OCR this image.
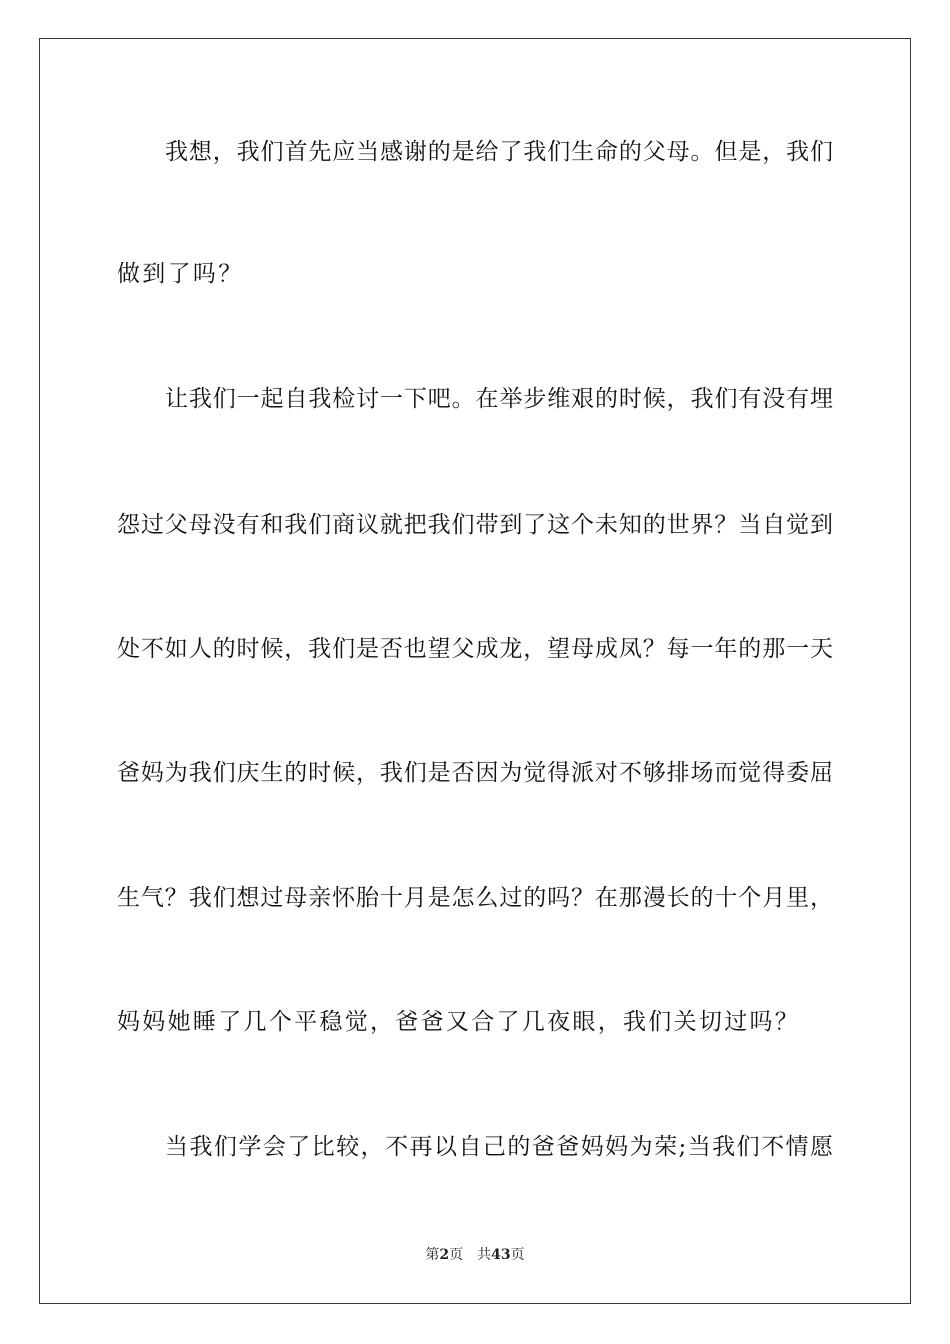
我想，我们首先应当感谢的是给了我们生命的父母。但是，我们
做到了吗？
让我们一起自我检讨一下吧。在举步维艰的时候，我们有没有埋
怨过父母没有和我们商议就把我们带到了这个未知的世界？当自觉到
处不如人的时候，我们是否也望父成龙，望母成凤？每一年的那一天
爸妈为我们庆生的时候，我们是否因为觉得派对不够排场而觉得委屈
生气？我们想过母亲怀胎十月是怎么过的吗？在那漫长的十个月里，
妈妈她睡了几个平稳觉，爸爸又合了几夜眼，我们关切过吗？
当我们学会了比较，不再以自己的爸爸妈妈为荣;当我们不情愿
第2页 共43页
